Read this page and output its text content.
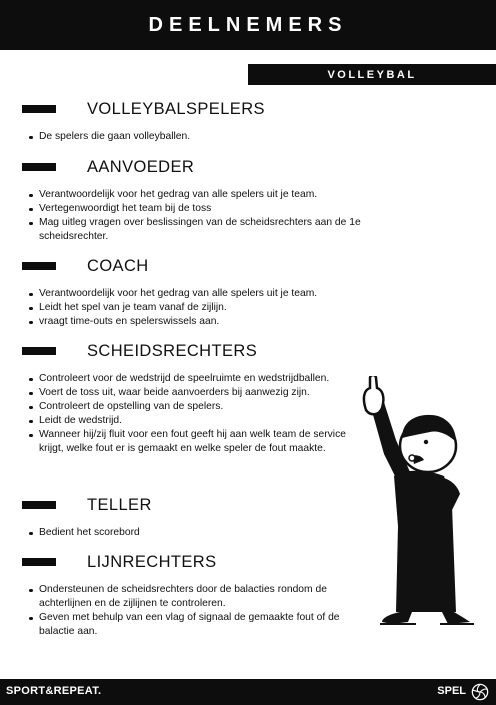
DEELNEMERS
VOLLEYBAL
VOLLEYBALSPELERS
De spelers die gaan volleyballen.
AANVOEDER
Verantwoordelijk voor het gedrag van alle spelers uit je team.
Vertegenwoordigt het team bij de toss
Mag uitleg vragen over beslissingen van de scheidsrechters aan de 1e scheidsrechter.
COACH
Verantwoordelijk voor het gedrag van alle spelers uit je team.
Leidt het spel van je team vanaf de zijlijn.
vraagt time-outs en spelerswissels aan.
SCHEIDSRECHTERS
Controleert voor de wedstrijd de speelruimte en wedstrijdballen.
Voert de toss uit, waar beide aanvoerders bij aanwezig zijn.
Controleert de opstelling van de spelers.
Leidt de wedstrijd.
Wanneer hij/zij fluit voor een fout geeft hij aan welk team de service krijgt, welke fout er is gemaakt en welke speler de fout maakte.
TELLER
Bedient het scorebord
LIJNRECHTERS
Ondersteunen de scheidsrechters door de balacties rondom de achterlijnen en de zijlijnen te controleren.
Geven met behulp van een vlag of signaal de gemaakte fout of de balactie aan.
SPORT&REPEAT.	SPEL
